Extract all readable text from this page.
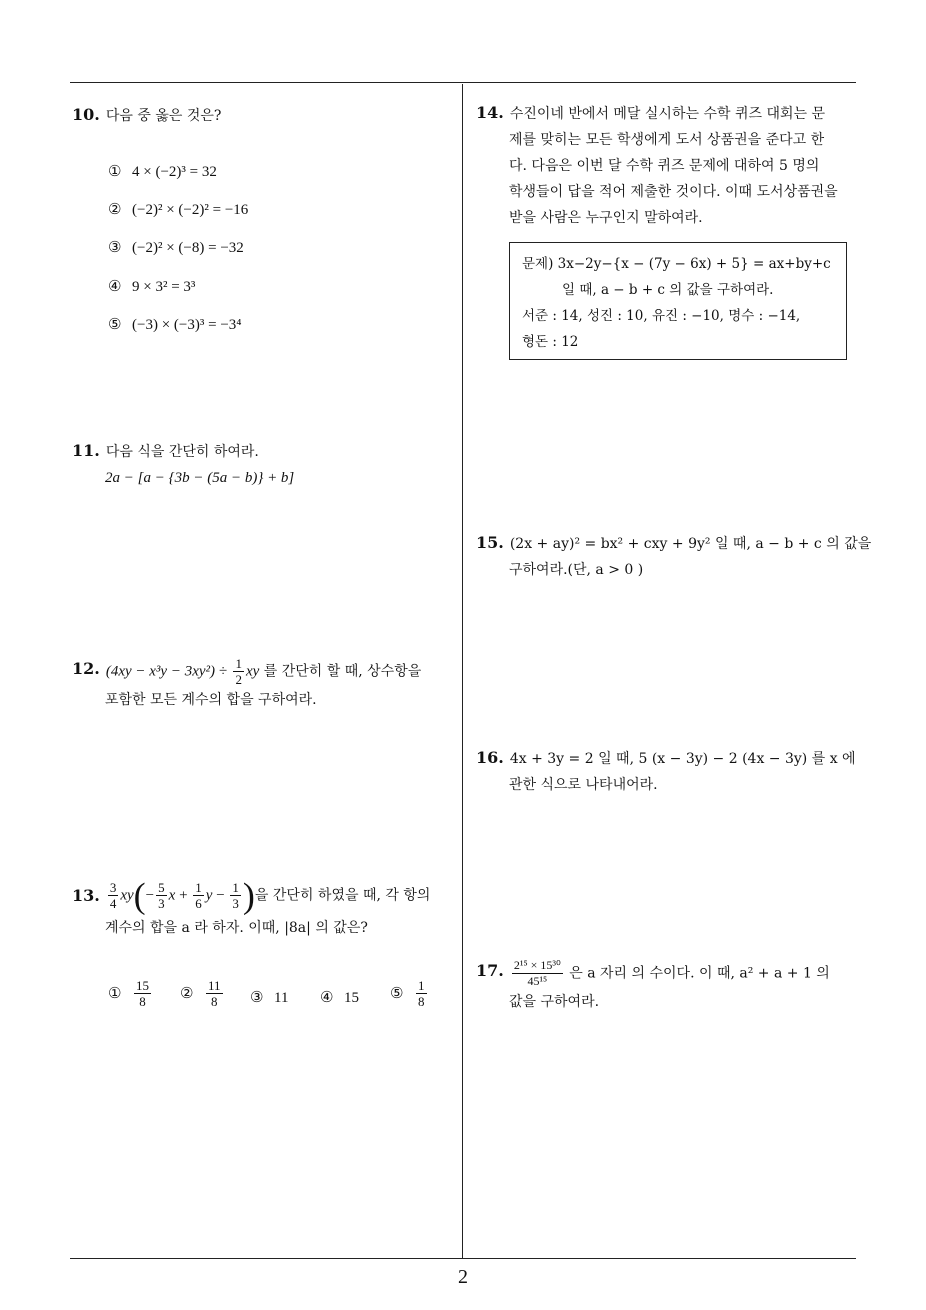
10. 다음 중 옳은 것은?
① 4 × (−2)³ = 32
② (−2)² × (−2)² = −16
③ (−2)² × (−8) = −32
④ 9 × 3² = 3³
⑤ (−3) × (−3)³ = −3⁴
11. 다음 식을 간단히 하여라.
2a − [a − {3b − (5a − b)} + b]
12. $(4xy - x^3y - 3xy^2) \div \frac{1}{2}$ xy 를 간단히 할 때, 상수항을
포함한 모든 계수의 합을 구하여라.
13. $\frac{3}{4} xy(- \frac{5}{3}$ $x + \frac{1}{6}$ $y - \frac{1}{3}$ )을 간단히 하였을 때, 각 항의
계수의 합을 a 라 하자. 이때, |8a| 의 값은?
① $\frac{15}{8}$ ② $\frac{11}{8}$ ③ 11 ④ 15 ⑤ $\frac{1}{8}$
14. 수진이네 반에서 메달 실시하는 수학 퀴즈 대회는 문
제를 맞히는 모든 학생에게 도서 상품권을 준다고 한
다. 다음은 이번 달 수학 퀴즈 문제에 대하여 5 명의
학생들이 답을 적어 제출한 것이다. 이때 도서상품권을
받을 사람은 누구인지 말하여라.
문제) 3x−2y−{x − (7y − 6x) + 5} = ax+by+c
일 때, a − b + c 의 값을 구하여라.
서준 : 14, 성진 : 10, 유진 : −10, 명수 : −14,
형돈 : 12
15. (2x + ay)² = bx² + cxy + 9y² 일 때, a − b + c 의 값을
구하여라.(단, a > 0 )
16. 4x + 3y = 2 일 때, 5 (x − 3y) − 2 (4x − 3y) 를 x 에
관한 식으로 나타내어라.
17. $\frac{\text{2¹⁵ × 15³⁰}}{\text{45¹⁵}}$ 은 a 자리 의 수이다. 이 때, a² + a + 1 의
값을 구하여라.
2
